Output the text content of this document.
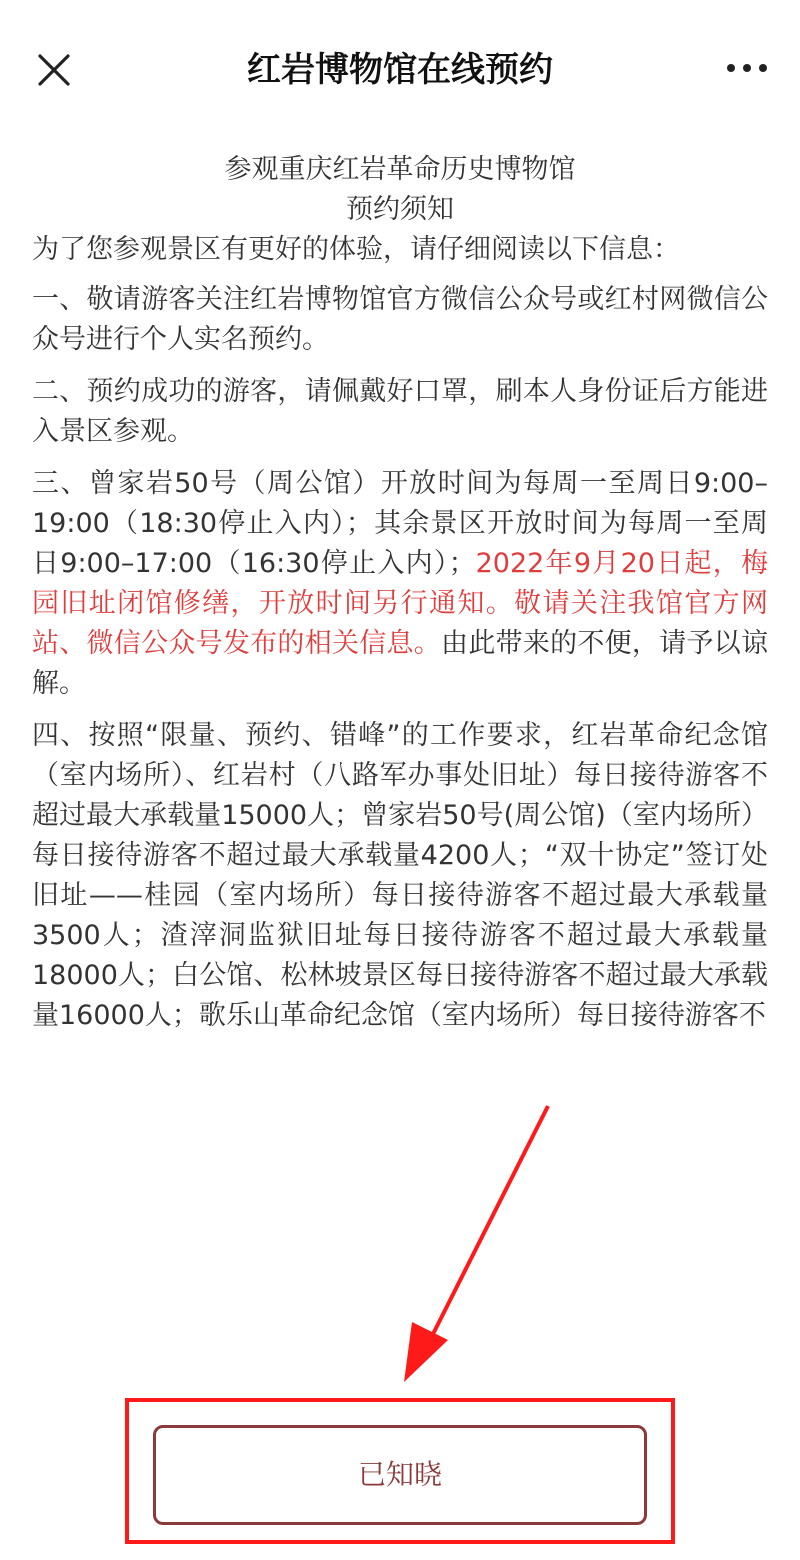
红岩博物馆在线预约
参观重庆红岩革命历史博物馆
预约须知

为了您参观景区有更好的体验，请仔细阅读以下信息：

一、敬请游客关注红岩博物馆官方微信公众号或红村网微信公众号进行个人实名预约。

二、预约成功的游客，请佩戴好口罩，刷本人身份证后方能进入景区参观。

三、曾家岩50号（周公馆）开放时间为每周一至周日9:00–19:00（18:30停止入内）；其余景区开放时间为每周一至周日9:00–17:00（16:30停止入内）；2022年9月20日起，梅园旧址闭馆修缮，开放时间另行通知。敬请关注我馆官方网站、微信公众号发布的相关信息。由此带来的不便，请予以谅解。

四、按照“限量、预约、错峰”的工作要求，红岩革命纪念馆（室内场所）、红岩村（八路军办事处旧址）每日接待游客不超过最大承载量15000人；曾家岩50号(周公馆)（室内场所）每日接待游客不超过最大承载量4200人；“双十协定”签订处旧址——桂园（室内场所）每日接待游客不超过最大承载量3500人；渣滓洞监狱旧址每日接待游客不超过最大承载量18000人；白公馆、松林坡景区每日接待游客不超过最大承载量16000人；歌乐山革命纪念馆（室内场所）每日接待游客不

已知晓
